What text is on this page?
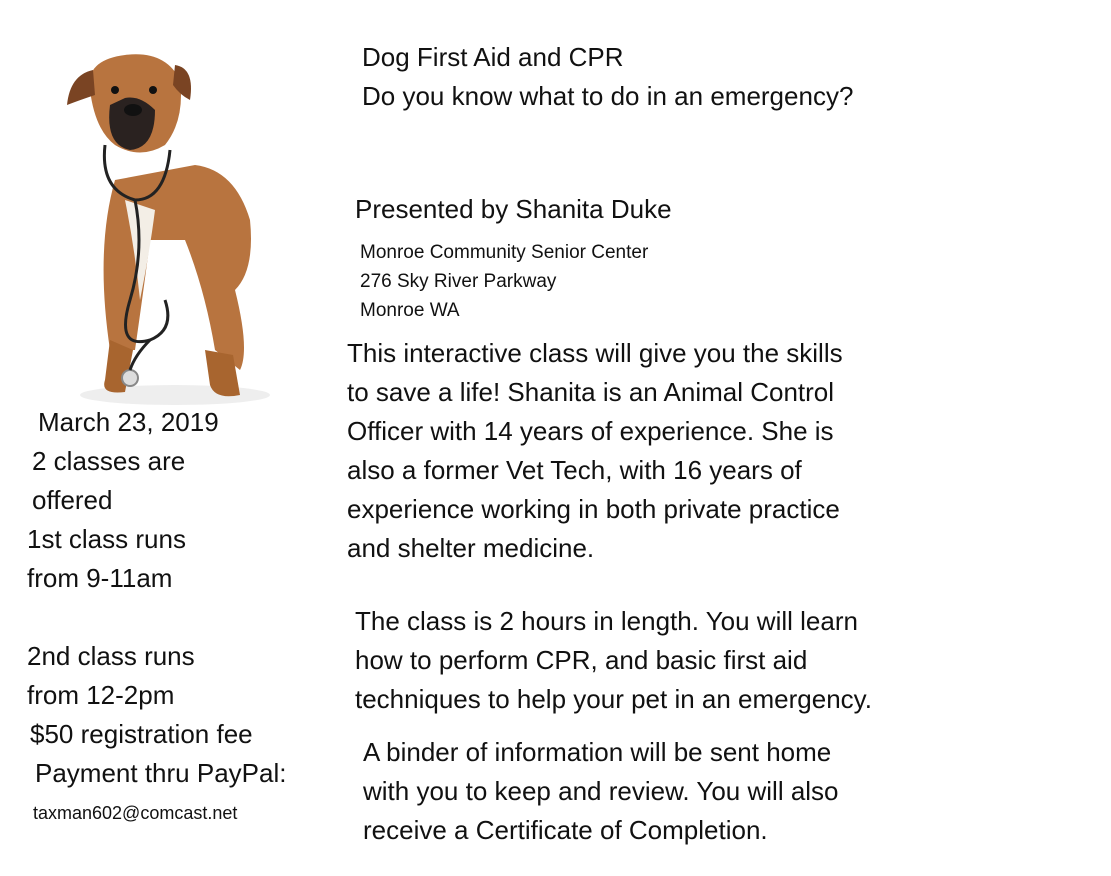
Dog First Aid and CPR
Do you know what to do in an emergency?
Presented by Shanita Duke
Monroe Community Senior Center
276 Sky River Parkway
Monroe WA
This interactive class will give you the skills
to save a life! Shanita is an Animal Control
Officer with 14 years of experience. She is
also a former Vet Tech, with 16 years of
experience working in both private practice
and shelter medicine.
The class is 2 hours in length. You will learn
how to perform CPR, and basic first aid
techniques to help your pet in an emergency.
A binder of information will be sent home
with you to keep and review. You will also
receive a Certificate of Completion.
March 23, 2019
2 classes are
offered
1st class runs
from 9-11am
2nd class runs
from 12-2pm
$50 registration fee
Payment thru PayPal:
taxman602@comcast.net
